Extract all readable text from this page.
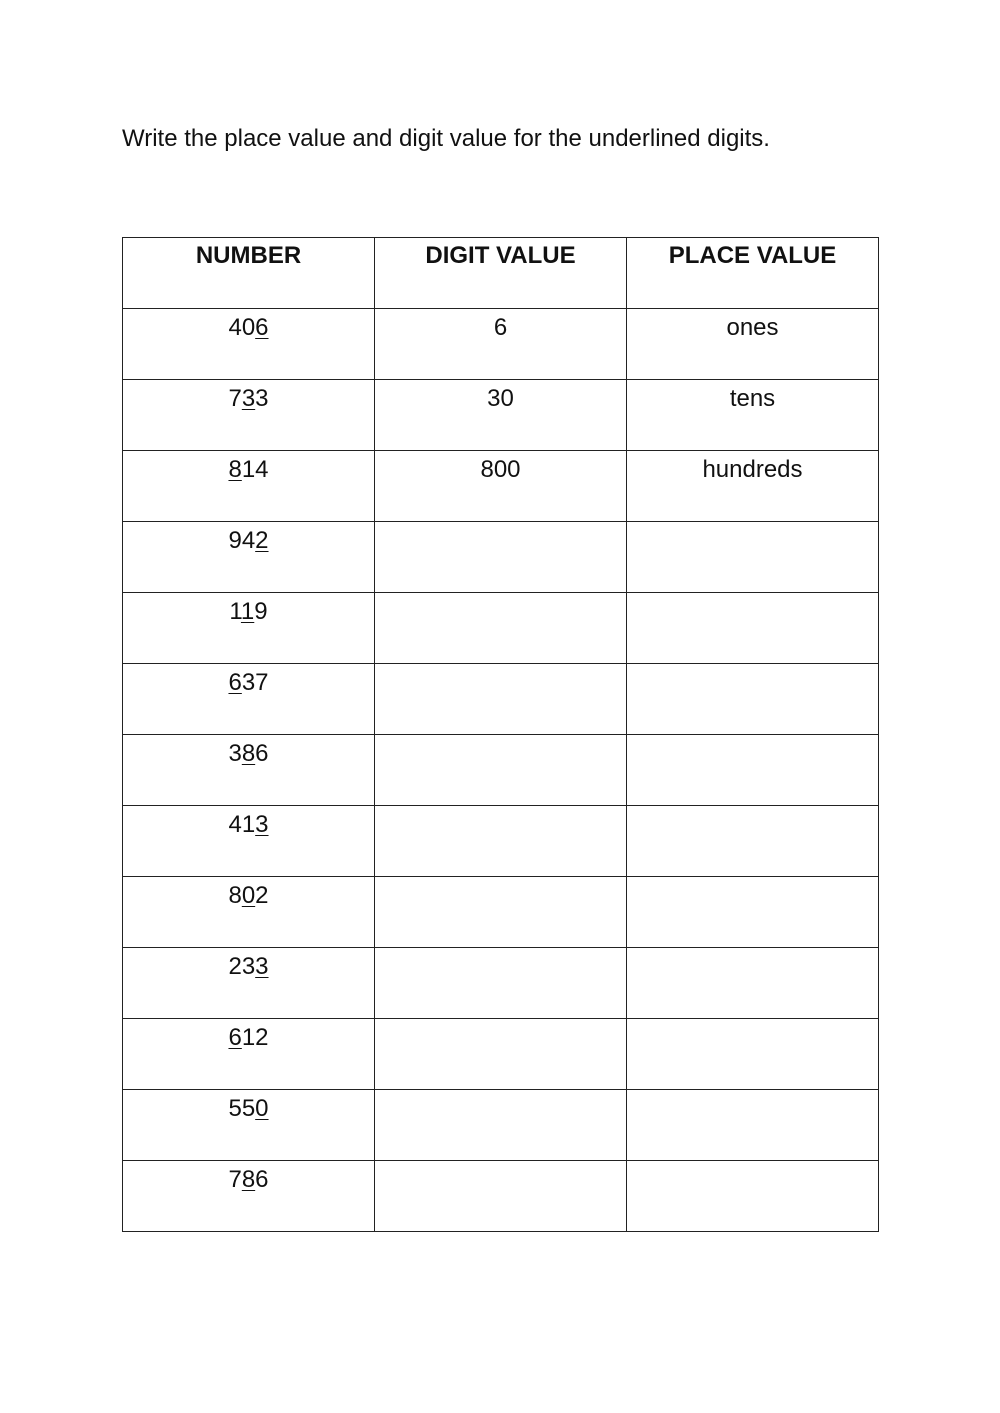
Write the place value and digit value for the underlined digits.
NUMBER	DIGIT VALUE	PLACE VALUE
406	6	ones
733	30	tens
814	800	hundreds
942		
119		
637		
386		
413		
802		
233		
612		
550		
786		
